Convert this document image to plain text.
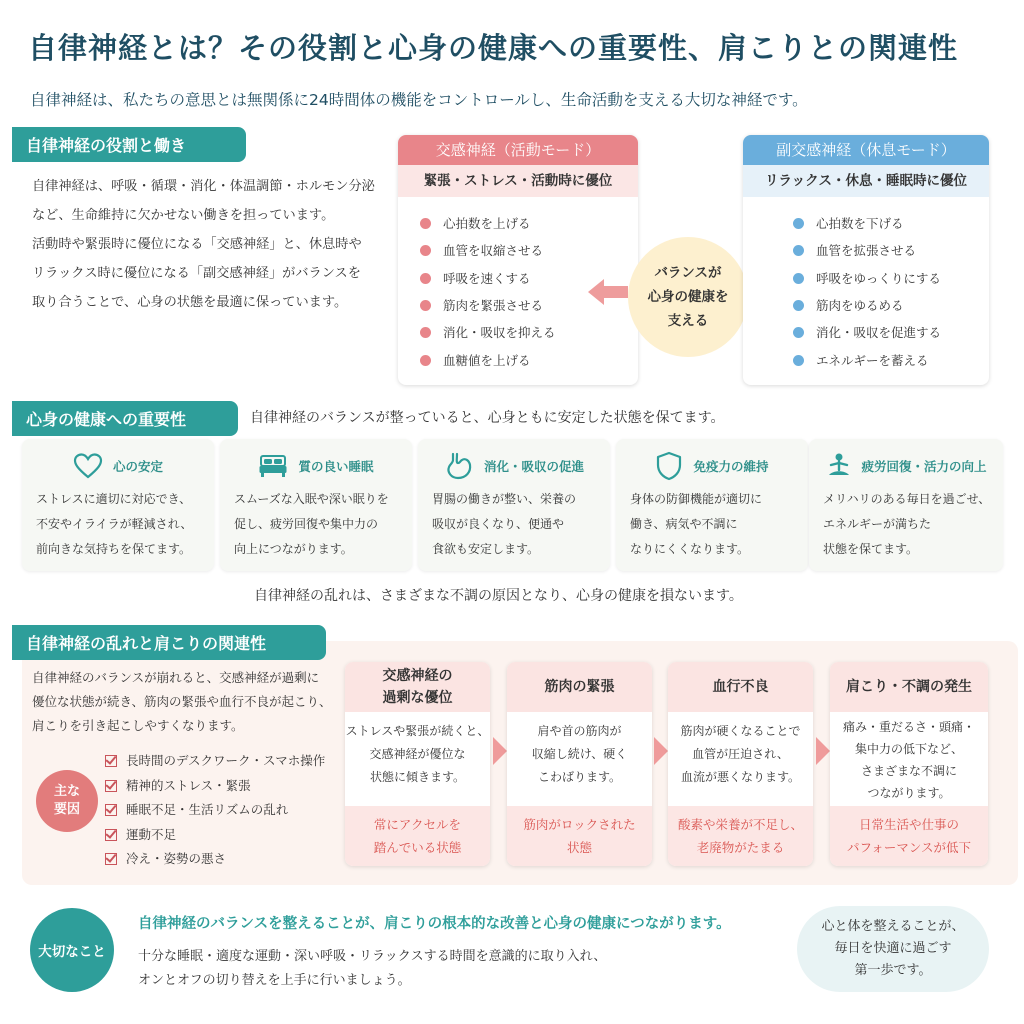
自律神経とは？その役割と心身の健康への重要性、肩こりとの関連性
自律神経は、私たちの意思とは無関係に24時間体の機能をコントロールし、生命活動を支える大切な神経です。
自律神経の役割と働き
自律神経は、呼吸・循環・消化・体温調節・ホルモン分泌
など、生命維持に欠かせない働きを担っています。
活動時や緊張時に優位になる「交感神経」と、休息時や
リラックス時に優位になる「副交感神経」がバランスを
取り合うことで、心身の状態を最適に保っています。
交感神経（活動モード）
緊張・ストレス・活動時に優位
心拍数を上げる
血管を収縮させる
呼吸を速くする
筋肉を緊張させる
消化・吸収を抑える
血糖値を上げる
バランスが
心身の健康を
支える
副交感神経（休息モード）
リラックス・休息・睡眠時に優位
心拍数を下げる
血管を拡張させる
呼吸をゆっくりにする
筋肉をゆるめる
消化・吸収を促進する
エネルギーを蓄える
心身の健康への重要性	自律神経のバランスが整っていると、心身ともに安定した状態を保てます。
心の安定
ストレスに適切に対応でき、
不安やイライラが軽減され、
前向きな気持ちを保てます。
質の良い睡眠
スムーズな入眠や深い眠りを
促し、疲労回復や集中力の
向上につながります。
消化・吸収の促進
胃腸の働きが整い、栄養の
吸収が良くなり、便通や
食欲も安定します。
免疫力の維持
身体の防御機能が適切に
働き、病気や不調に
なりにくくなります。
疲労回復・活力の向上
メリハリのある毎日を過ごせ、
エネルギーが満ちた
状態を保てます。
自律神経の乱れは、さまざまな不調の原因となり、心身の健康を損ないます。
自律神経の乱れと肩こりの関連性
自律神経のバランスが崩れると、交感神経が過剰に
優位な状態が続き、筋肉の緊張や血行不良が起こり、
肩こりを引き起こしやすくなります。
主な
要因
長時間のデスクワーク・スマホ操作
精神的ストレス・緊張
睡眠不足・生活リズムの乱れ
運動不足
冷え・姿勢の悪さ
交感神経の
過剰な優位
ストレスや緊張が続くと、
交感神経が優位な
状態に傾きます。
常にアクセルを
踏んでいる状態
筋肉の緊張
肩や首の筋肉が
収縮し続け、硬く
こわばります。
筋肉がロックされた
状態
血行不良
筋肉が硬くなることで
血管が圧迫され、
血流が悪くなります。
酸素や栄養が不足し、
老廃物がたまる
肩こり・不調の発生
痛み・重だるさ・頭痛・
集中力の低下など、
さまざまな不調に
つながります。
日常生活や仕事の
パフォーマンスが低下
大切なこと
自律神経のバランスを整えることが、肩こりの根本的な改善と心身の健康につながります。
十分な睡眠・適度な運動・深い呼吸・リラックスする時間を意識的に取り入れ、
オンとオフの切り替えを上手に行いましょう。
心と体を整えることが、
毎日を快適に過ごす
第一歩です。
